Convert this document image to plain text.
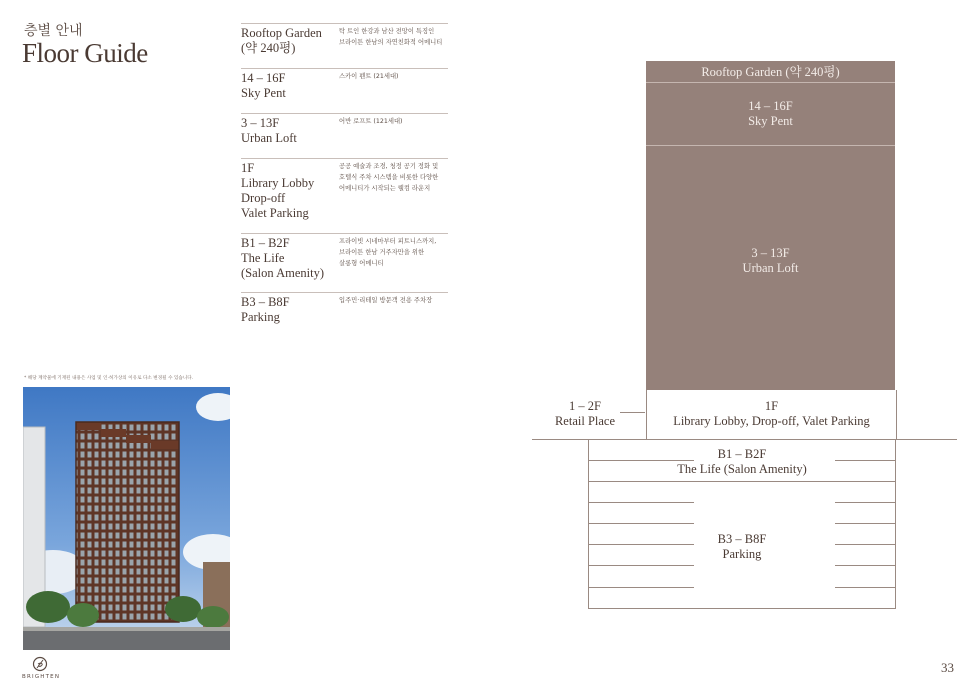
층별 안내
Floor Guide
Rooftop Garden
(약 240평)
탁 트인 한강과 남산 전망이 특징인
브라이튼 한남의 자연친화적 어메니티
14 – 16F
Sky Pent
스카이 펜트 (21세대)
3 – 13F
Urban Loft
어반 로프트 (121세대)
1F
Library Lobby
Drop-off
Valet Parking
공공 예술과 조경, 청정 공기 정화 및
호텔식 주차 시스템을 비롯한 다양한
어메니티가 시작되는 웰컴 라운지
B1 – B2F
The Life
(Salon Amenity)
프라이빗 시네마부터 피트니스까지,
브라이튼 한남 거주자만을 위한
살롱형 어메니티
B3 – B8F
Parking
입주민·리테일 방문객 전용 주차장
* 해당 계약물에 기재된 내용은 사업 및 인·허가상의 이유로 다소 변경될 수 있습니다.
Rooftop Garden (약 240평)
14 – 16F
Sky Pent
3 – 13F
Urban Loft
1F
Library Lobby, Drop-off, Valet Parking
1 – 2F
Retail Place
B1 – B2F
The Life (Salon Amenity)
B3 – B8F
Parking
BRIGHTEN
33
